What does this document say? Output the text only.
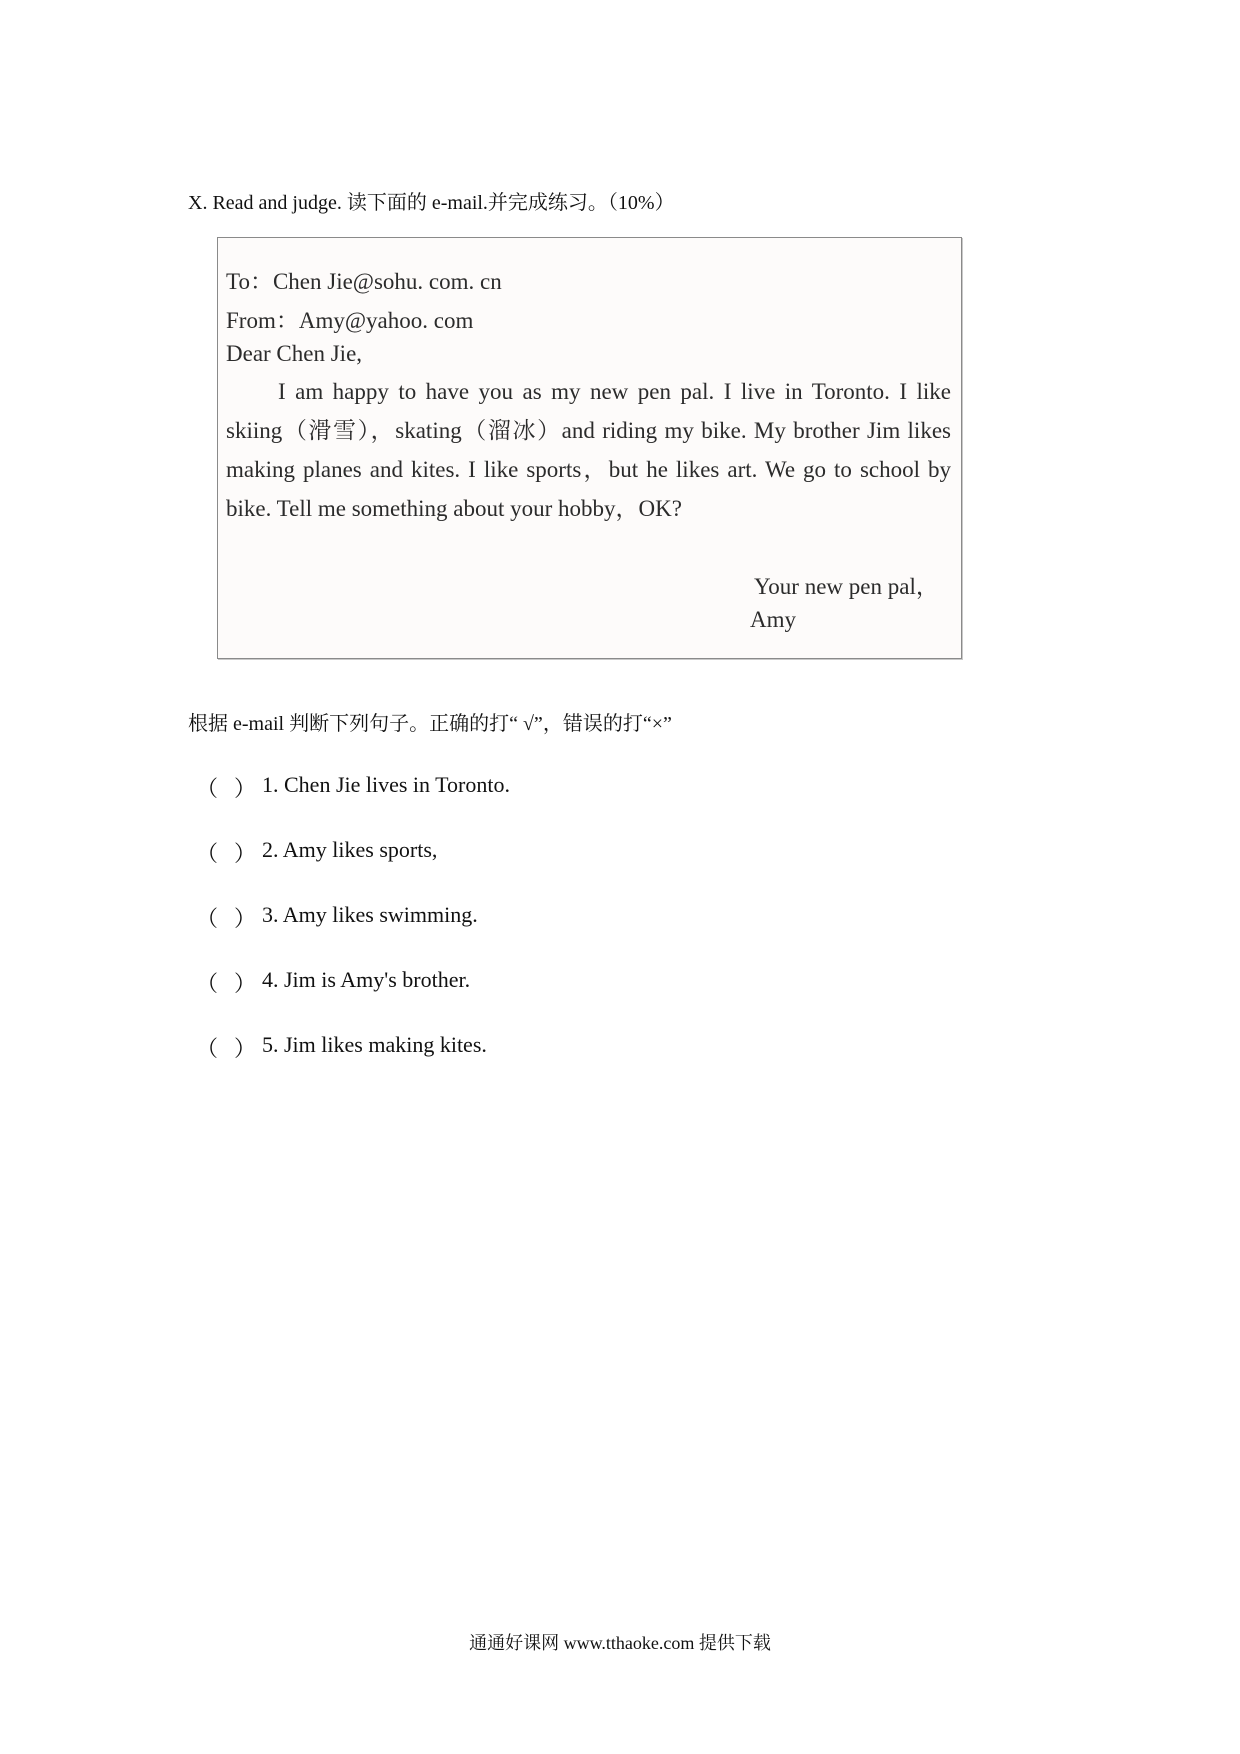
X. Read and judge. 读下面的 e-mail.并完成练习。（10%）
To：Chen Jie@sohu. com. cn
From：Amy@yahoo. com
Dear Chen Jie,

I am happy to have you as my new pen pal. I live in Toronto. I like skiing（滑雪），skating（溜冰）and riding my bike. My brother Jim likes making planes and kites. I like sports，but he likes art. We go to school by bike. Tell me something about your hobby，OK?

Your new pen pal，
Amy
根据 e-mail 判断下列句子。正确的打“ √”，错误的打“×”
（ ） 1. Chen Jie lives in Toronto.
（ ） 2. Amy likes sports,
（ ） 3. Amy likes swimming.
（ ） 4. Jim is Amy's brother.
（ ） 5. Jim likes making kites.
通通好课网 www.tthaoke.com 提供下载
